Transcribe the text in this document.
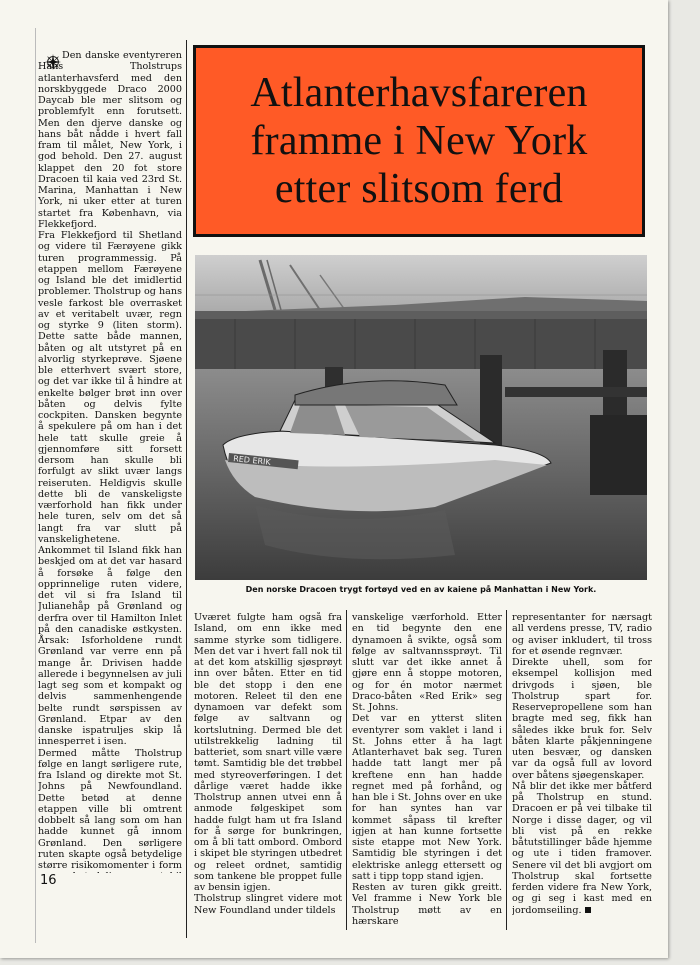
Den danske eventyreren Hans Tholstrups atlanterhavsferd med den norskbyggede Draco 2000 Daycab ble mer slitsom og problemfylt enn forutsett. Men den djerve danske og hans båt nådde i hvert fall fram til målet, New York, i god behold. Den 27. august klappet den 20 fot store Dracoen til kaia ved 23rd St. Marina, Manhattan i New York, ni uker etter at turen startet fra København, via Flekkefjord.
Fra Flekkefjord til Shetland og videre til Færøyene gikk turen programmessig. På etappen mellom Færøyene og Island ble det imidlertid problemer. Tholstrup og hans vesle farkost ble overrasket av et veritabelt uvær, regn og styrke 9 (liten storm). Dette satte både mannen, båten og alt utstyret på en alvorlig styrkeprøve. Sjøene ble etterhvert svært store, og det var ikke til å hindre at enkelte bølger brøt inn over båten og delvis fylte cockpiten. Dansken begynte å spekulere på om han i det hele tatt skulle greie å gjennomføre sitt forsett dersom han skulle bli forfulgt av slikt uvær langs reiseruten. Heldigvis skulle dette bli de vanskeligste værforhold han fikk under hele turen, selv om det så langt fra var slutt på vanskelighetene.
Ankommet til Island fikk han beskjed om at det var hasard å forsøke å følge den opprinnelige ruten videre, det vil si fra Island til Julianehåp på Grønland og derfra over til Hamilton Inlet på den canadiske østkysten. Årsak: Isforholdene rundt Grønland var verre enn på mange år. Drivisen hadde allerede i begynnelsen av juli lagt seg som et kompakt og delvis sammenhengende belte rundt sørspissen av Grønland. Etpar av den danske ispatruljes skip lå innesperret i isen.
Dermed måtte Tholstrup følge en langt sørligere rute, fra Island og direkte mot St. Johns på Newfoundland. Dette betød at denne etappen ville bli omtrent dobbelt så lang som om han hadde kunnet gå innom Grønland. Den sørligere ruten skapte også betydelige større risikomomenter i form
Atlanterhavsfareren
framme i New York
etter slitsom ferd
RED ERIK
Den norske Dracoen trygt fortøyd ved en av kaiene på Manhattan i New York.
Uværet fulgte ham også fra Island, om enn ikke med samme styrke som tidligere. Men det var i hvert fall nok til at det kom atskillig sjøsprøyt inn over båten. Etter en tid ble det stopp i den ene motoren. Releet til den ene dynamoen var defekt som følge av saltvann og kortslutning. Dermed ble det utilstrekkelig ladning til batteriet, som snart ville være tømt. Samtidig ble det trøbbel med styreoverføringen. I det dårlige været hadde ikke Tholstrup annen utvei enn å anmode følgeskipet som hadde fulgt ham ut fra Island for å sørge for bunkringen, om å bli tatt ombord. Ombord i skipet ble styringen utbedret og releet ordnet, samtidig som tankene ble proppet fulle av bensin igjen.
Tholstrup slingret videre mot New Foundland under tildels
vanskelige værforhold. Etter en tid begynte den ene dynamoen å svikte, også som følge av saltvannssprøyt. Til slutt var det ikke annet å gjøre enn å stoppe motoren, og for én motor nærmet Draco-båten «Red Erik» seg St. Johns.
Det var en ytterst sliten eventyrer som vaklet i land i St. Johns etter å ha lagt Atlanterhavet bak seg. Turen hadde tatt langt mer på kreftene enn han hadde regnet med på forhånd, og han ble i St. Johns over en uke for han syntes han var kommet såpass til krefter igjen at han kunne fortsette siste etappe mot New York. Samtidig ble styringen i det elektriske anlegg ettersett og satt i tipp topp stand igjen.
Resten av turen gikk greitt. Vel framme i New York ble Tholstrup møtt av en hærskare
representanter for nærsagt all verdens presse, TV, radio og aviser inkludert, til tross for et øsende regnvær.
Direkte uhell, som for eksempel kollisjon med drivgods i sjøen, ble Tholstrup spart for. Reservepropellene som han bragte med seg, fikk han således ikke bruk for. Selv båten klarte påkjenningene uten besvær, og dansken var da også full av lovord over båtens sjøegenskaper.
Nå blir det ikke mer båtferd på Tholstrup en stund. Dracoen er på vei tilbake til Norge i disse dager, og vil bli vist på en rekke båtutstillinger både hjemme og ute i tiden framover. Senere vil det bli avgjort om Tholstrup skal fortsette ferden videre fra New York, og gi seg i kast med en jordomseiling.
16
